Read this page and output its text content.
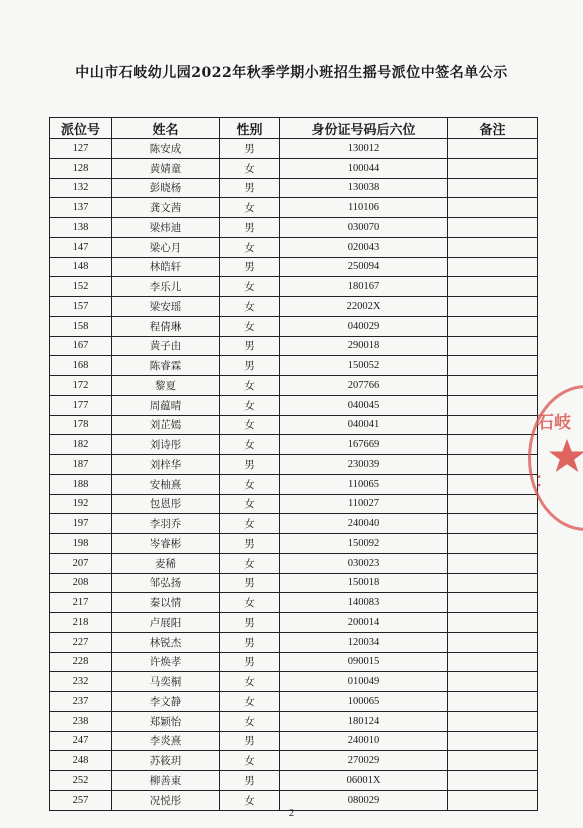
中山市石岐幼儿园2022年秋季学期小班招生摇号派位中签名单公示
派位号	姓名	性别	身份证号码后六位	备注
127	陈安成	男	130012	
128	黄婧童	女	100044	
132	彭晓杨	男	130038	
137	龚文茜	女	110106	
138	梁炜迪	男	030070	
147	梁心月	女	020043	
148	林皓轩	男	250094	
152	李乐儿	女	180167	
157	梁安瑶	女	22002X	
158	程倩琳	女	040029	
167	黄子由	男	290018	
168	陈睿霖	男	150052	
172	黎夏	女	207766	
177	周蕴晴	女	040045	
178	刘芷嫣	女	040041	
182	刘诗彤	女	167669	
187	刘梓华	男	230039	
188	安柚熹	女	110065	
192	包恩彤	女	110027	
197	李羽乔	女	240040	
198	岑睿彬	男	150092	
207	麦稀	女	030023	
208	邹弘扬	男	150018	
217	秦以情	女	140083	
218	卢展阳	男	200014	
227	林锐杰	男	120034	
228	许焕孝	男	090015	
232	马奕桐	女	010049	
237	李文静	女	100065	
238	郑颖怡	女	180124	
247	李炎熹	男	240010	
248	苏筱玥	女	270029	
252	柳善東	男	06001X	
257	况悦彤	女	080029	
石岐
⁚
2
